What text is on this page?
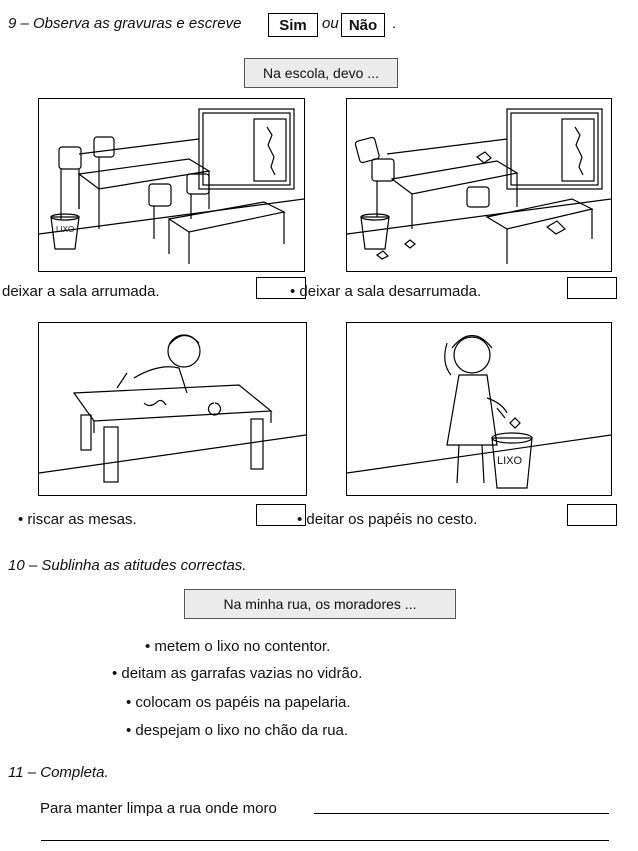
9 – Observa as gravuras e escreve	Sim	ou Não .
Na escola, devo ...
LIXO
deixar a sala arrumada.	• deixar a sala desarrumada.
LIXO
• riscar as mesas.	• deitar os papéis no cesto.
10 – Sublinha as atitudes correctas.
Na minha rua, os moradores ...
• metem o lixo no contentor.
• deitam as garrafas vazias no vidrão.
• colocam os papéis na papelaria.
• despejam o lixo no chão da rua.
11 – Completa.
Para manter limpa a rua onde moro
